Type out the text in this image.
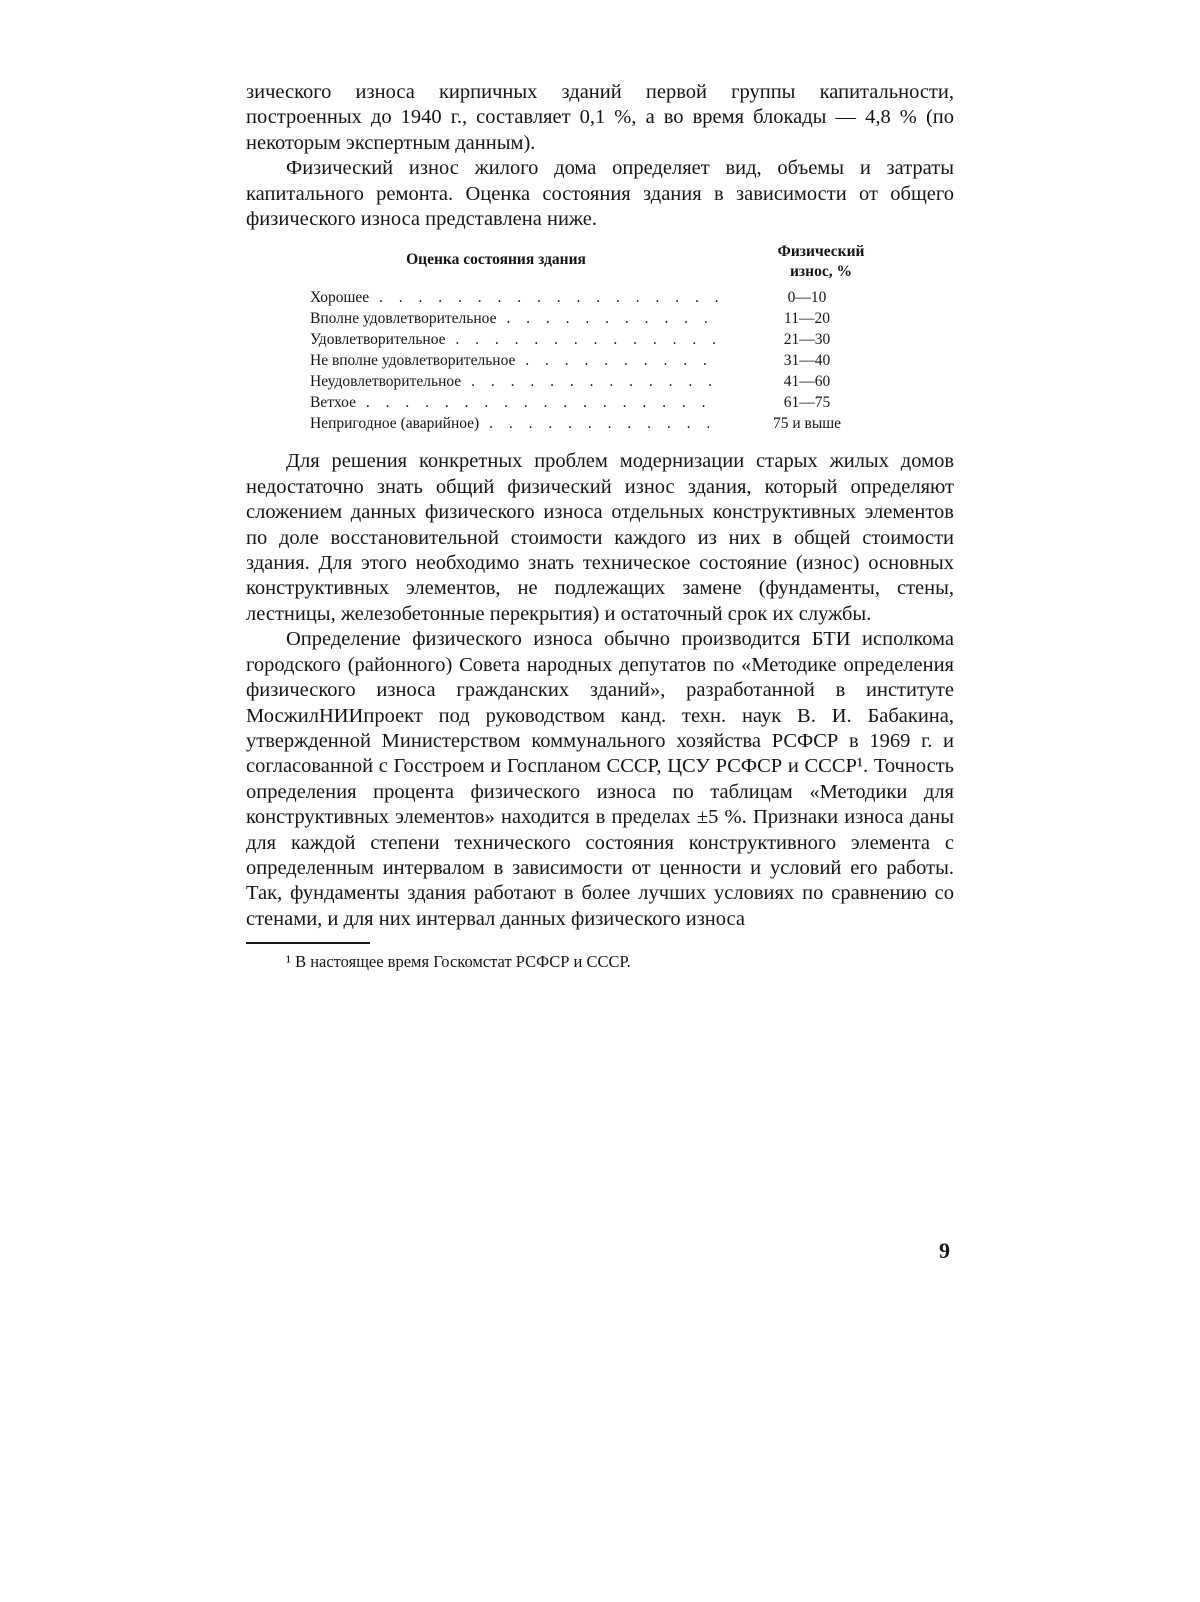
зического износа кирпичных зданий первой группы капитальности, построенных до 1940 г., составляет 0,1 %, а во время блокады — 4,8 % (по некоторым экспертным данным).

Физический износ жилого дома определяет вид, объемы и затраты капитального ремонта. Оценка состояния здания в зависимости от общего физического износа представлена ниже.

Оценка состояния здания	Физический
износ, %
Хорошее . . .	0—10
Вполне удовлетворительное . . .	11—20
Удовлетворительное . . .	21—30
Не вполне удовлетворительное . . .	31—40
Неудовлетворительное . . .	41—60
Ветхое . . .	61—75
Непригодное (аварийное) . . .	75 и выше

Для решения конкретных проблем модернизации старых жилых домов недостаточно знать общий физический износ здания, который определяют сложением данных физического износа отдельных конструктивных элементов по доле восстановительной стоимости каждого из них в общей стоимости здания. Для этого необходимо знать техническое состояние (износ) основных конструктивных элементов, не подлежащих замене (фундаменты, стены, лестницы, железобетонные перекрытия) и остаточный срок их службы.

Определение физического износа обычно производится БТИ исполкома городского (районного) Совета народных депутатов по «Методике определения физического износа гражданских зданий», разработанной в институте МосжилНИИпроект под руководством канд. техн. наук В. И. Бабакина, утвержденной Министерством коммунального хозяйства РСФСР в 1969 г. и согласованной с Госстроем и Госпланом СССР, ЦСУ РСФСР и СССР¹. Точность определения процента физического износа по таблицам «Методики для конструктивных элементов» находится в пределах ±5 %. Признаки износа даны для каждой степени технического состояния конструктивного элемента с определенным интервалом в зависимости от ценности и условий его работы. Так, фундаменты здания работают в более лучших условиях по сравнению со стенами, и для них интервал данных физического износа

¹ В настоящее время Госкомстат РСФСР и СССР.
9
